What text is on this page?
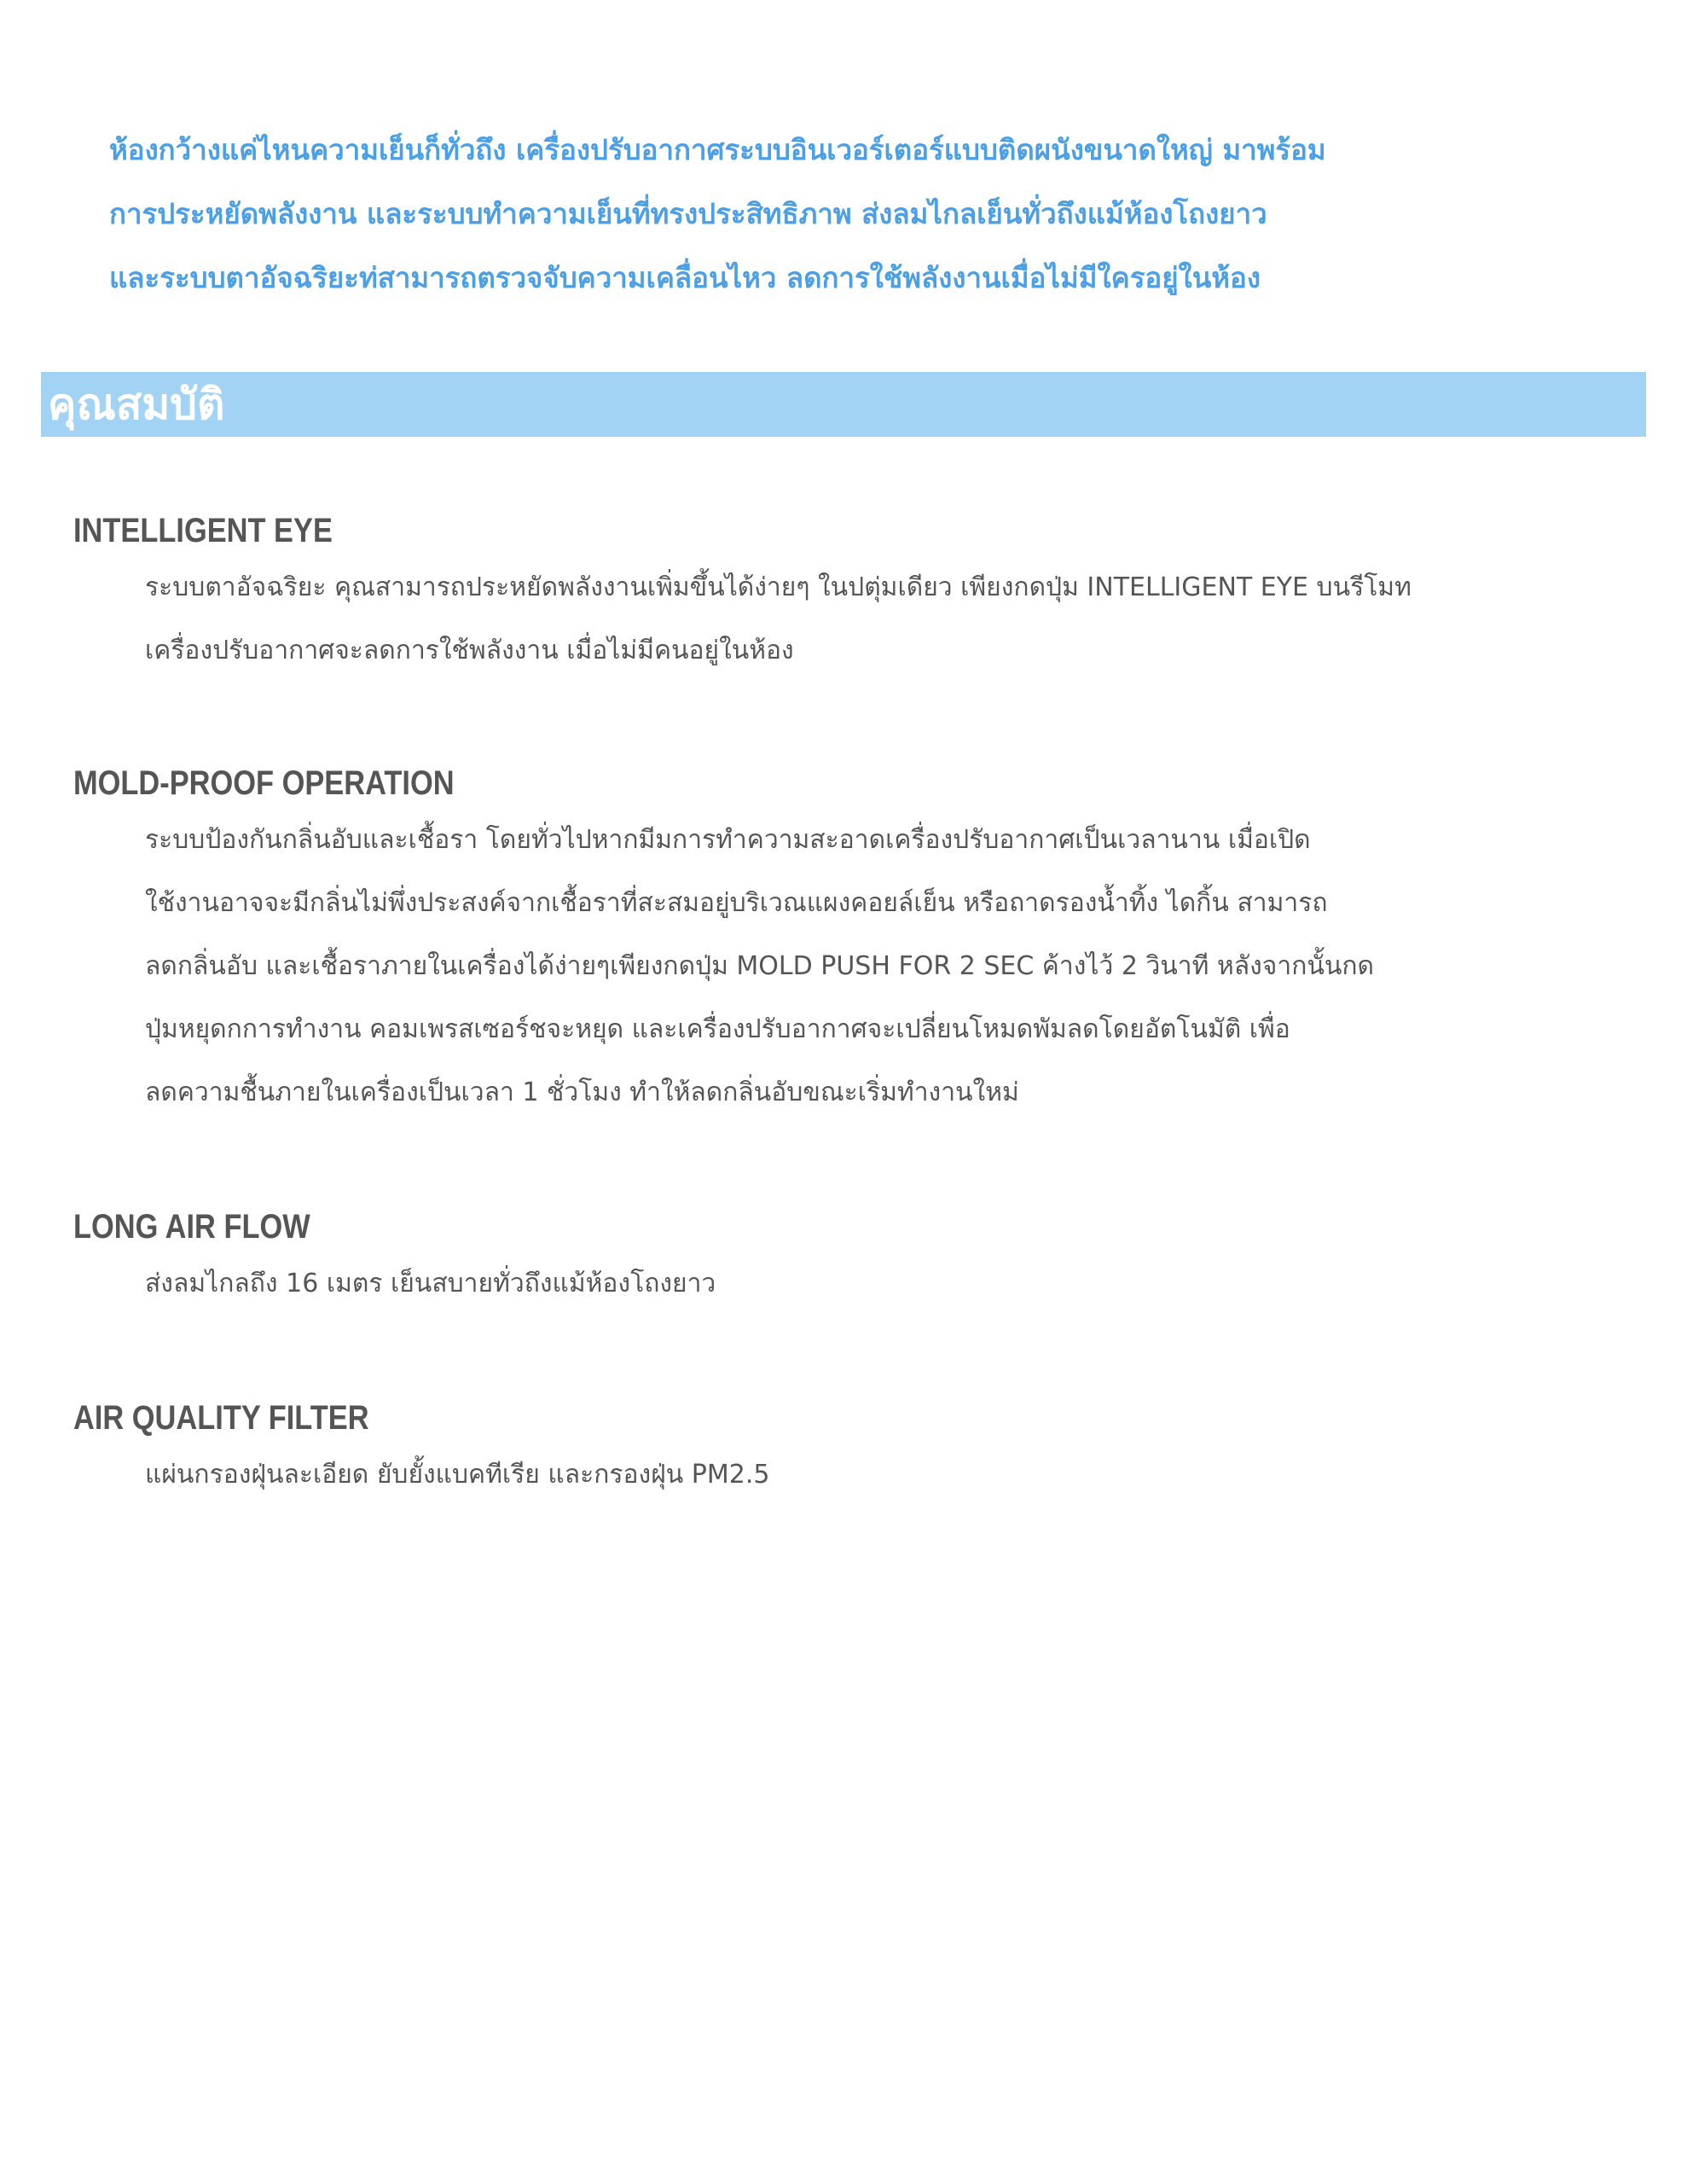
ห้องกว้างแค่ไหนความเย็นก็ทั่วถึง เครื่องปรับอากาศระบบอินเวอร์เตอร์แบบติดผนังขนาดใหญ่ มาพร้อม
การประหยัดพลังงาน และระบบทำความเย็นที่ทรงประสิทธิภาพ ส่งลมไกลเย็นทั่วถึงแม้ห้องโถงยาว
และระบบตาอัจฉริยะท่สามารถตรวจจับความเคลื่อนไหว ลดการใช้พลังงานเมื่อไม่มีใครอยู่ในห้อง

คุณสมบัติ
INTELLIGENT EYE

ระบบตาอัจฉริยะ คุณสามารถประหยัดพลังงานเพิ่มขึ้นได้ง่ายๆ ในปตุ่มเดียว เพียงกดปุ่ม INTELLIGENT EYE บนรีโมท
เครื่องปรับอากาศจะลดการใช้พลังงาน เมื่อไม่มีคนอยู่ในห้อง

MOLD-PROOF OPERATION

ระบบป้องกันกลิ่นอับและเชื้อรา โดยทั่วไปหากมีมการทำความสะอาดเครื่องปรับอากาศเป็นเวลานาน เมื่อเปิด
ใช้งานอาจจะมีกลิ่นไม่พึ่งประสงค์จากเชื้อราที่สะสมอยู่บริเวณแผงคอยล์เย็น หรือถาดรองน้ำทิ้ง ไดกิ้น สามารถ
ลดกลิ่นอับ และเชื้อราภายในเครื่องได้ง่ายๆเพียงกดปุ่ม MOLD PUSH FOR 2 SEC ค้างไว้ 2 วินาที หลังจากนั้นกด
ปุ่มหยุดกการทำงาน คอมเพรสเซอร์ชจะหยุด และเครื่องปรับอากาศจะเปลี่ยนโหมดพัมลดโดยอัตโนมัติ เพื่อ
ลดความชื้นภายในเครื่องเป็นเวลา 1 ชั่วโมง ทำให้ลดกลิ่นอับขณะเริ่มทำงานใหม่

LONG AIR FLOW

ส่งลมไกลถึง 16 เมตร เย็นสบายทั่วถึงแม้ห้องโถงยาว

AIR QUALITY FILTER

แผ่นกรองฝุ่นละเอียด ยับยั้งแบคทีเรีย และกรองฝุ่น PM2.5
